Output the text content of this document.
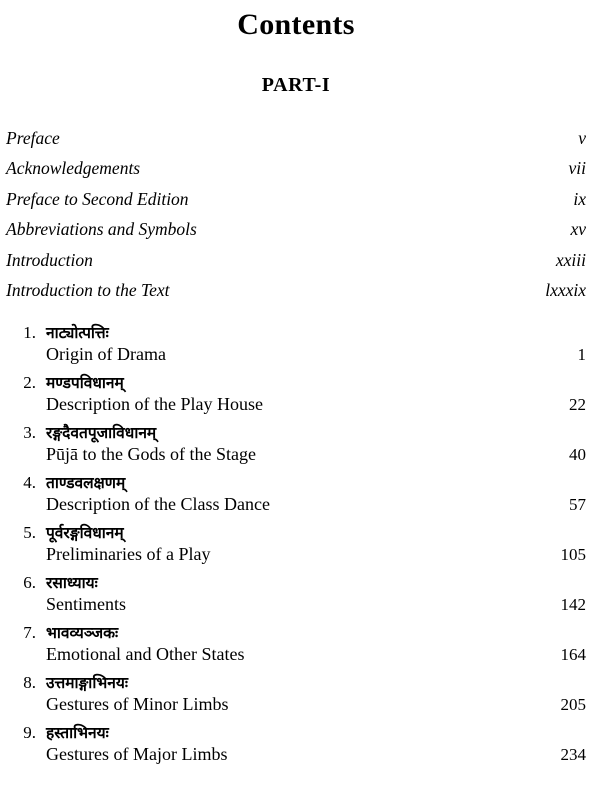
Contents
PART-I
Preface	v
Acknowledgements	vii
Preface to Second Edition	ix
Abbreviations and Symbols	xv
Introduction	xxiii
Introduction to the Text	lxxxix
1. नाट्योत्पत्तिः
Origin of Drama	1
2. मण्डपविधानम्
Description of the Play House	22
3. रङ्गदैवतपूजाविधानम्
Pūjā to the Gods of the Stage	40
4. ताण्डवलक्षणम्
Description of the Class Dance	57
5. पूर्वरङ्गविधानम्
Preliminaries of a Play	105
6. रसाध्यायः
Sentiments	142
7. भावव्यञ्जकः
Emotional and Other States	164
8. उत्तमाङ्गाभिनयः
Gestures of Minor Limbs	205
9. हस्ताभिनयः
Gestures of Major Limbs	234
